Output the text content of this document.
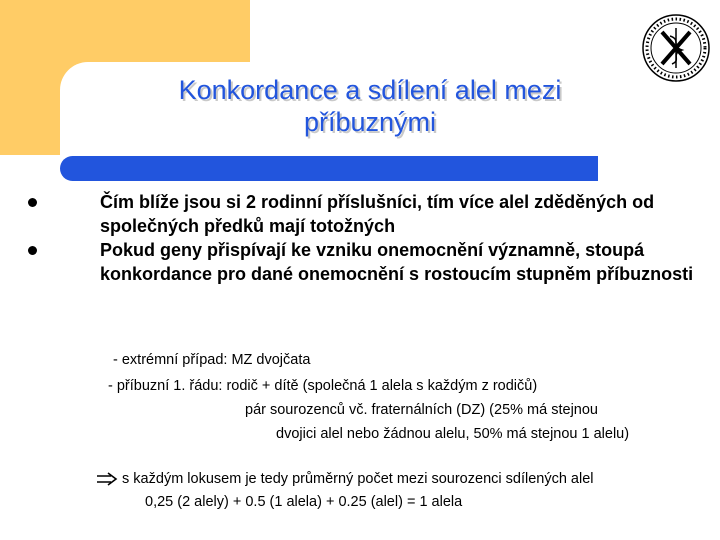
Konkordance a sdílení alel mezi
příbuznými
Čím blíže jsou si 2 rodinní příslušníci, tím více alel zděděných od společných předků mají totožných
Pokud geny přispívají ke vzniku onemocnění významně, stoupá konkordance pro dané onemocnění s rostoucím stupněm příbuznosti
- extrémní případ: MZ dvojčata
- příbuzní 1. řádu: rodič + dítě (společná 1 alela s každým z rodičů)
pár sourozenců vč. fraternálních (DZ) (25% má stejnou
dvojici alel nebo žádnou alelu, 50% má stejnou 1 alelu)
s každým lokusem je tedy průměrný počet mezi sourozenci sdílených alel
0,25 (2 alely) + 0.5 (1 alela) + 0.25 (alel) = 1 alela
